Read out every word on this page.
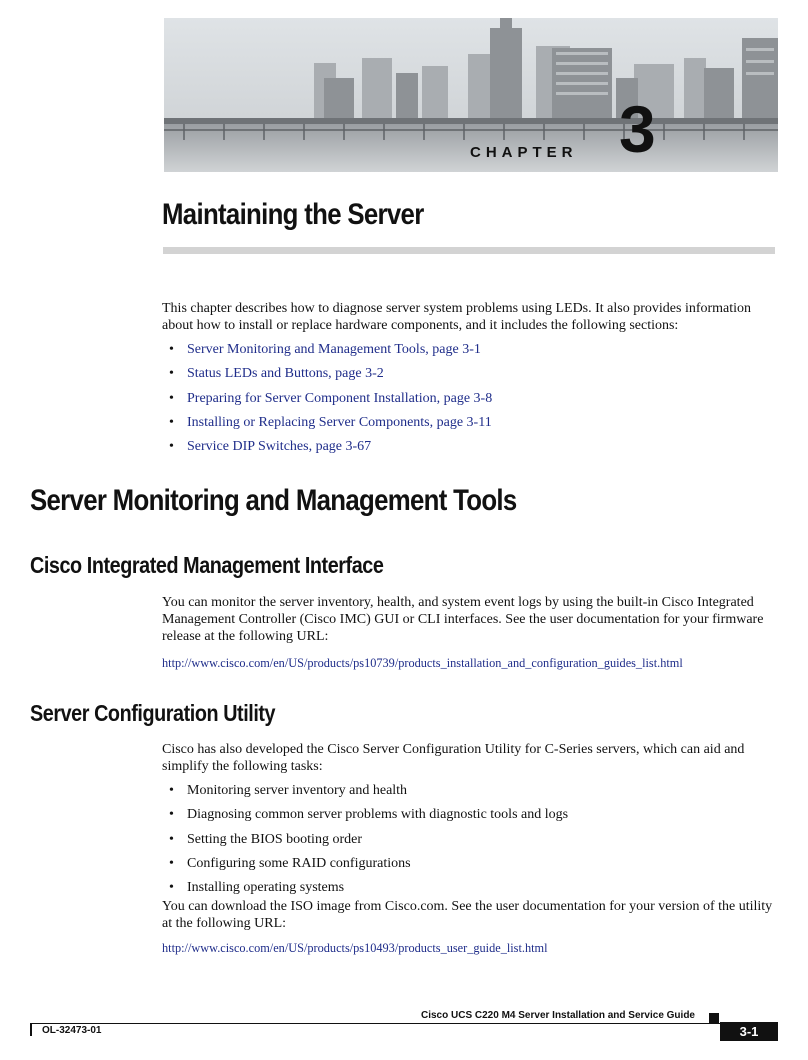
CHAPTER 3
Maintaining the Server

This chapter describes how to diagnose server system problems using LEDs. It also provides information about how to install or replace hardware components, and it includes the following sections:

• Server Monitoring and Management Tools, page 3-1
• Status LEDs and Buttons, page 3-2
• Preparing for Server Component Installation, page 3-8
• Installing or Replacing Server Components, page 3-11
• Service DIP Switches, page 3-67
Server Monitoring and Management Tools
Cisco Integrated Management Interface

You can monitor the server inventory, health, and system event logs by using the built-in Cisco Integrated Management Controller (Cisco IMC) GUI or CLI interfaces. See the user documentation for your firmware release at the following URL:

http://www.cisco.com/en/US/products/ps10739/products_installation_and_configuration_guides_list.html

Server Configuration Utility

Cisco has also developed the Cisco Server Configuration Utility for C-Series servers, which can aid and simplify the following tasks:

• Monitoring server inventory and health
• Diagnosing common server problems with diagnostic tools and logs
• Setting the BIOS booting order
• Configuring some RAID configurations
• Installing operating systems

You can download the ISO image from Cisco.com. See the user documentation for your version of the utility at the following URL:

http://www.cisco.com/en/US/products/ps10493/products_user_guide_list.html

Cisco UCS C220 M4 Server Installation and Service Guide
OL-32473-01	3-1
